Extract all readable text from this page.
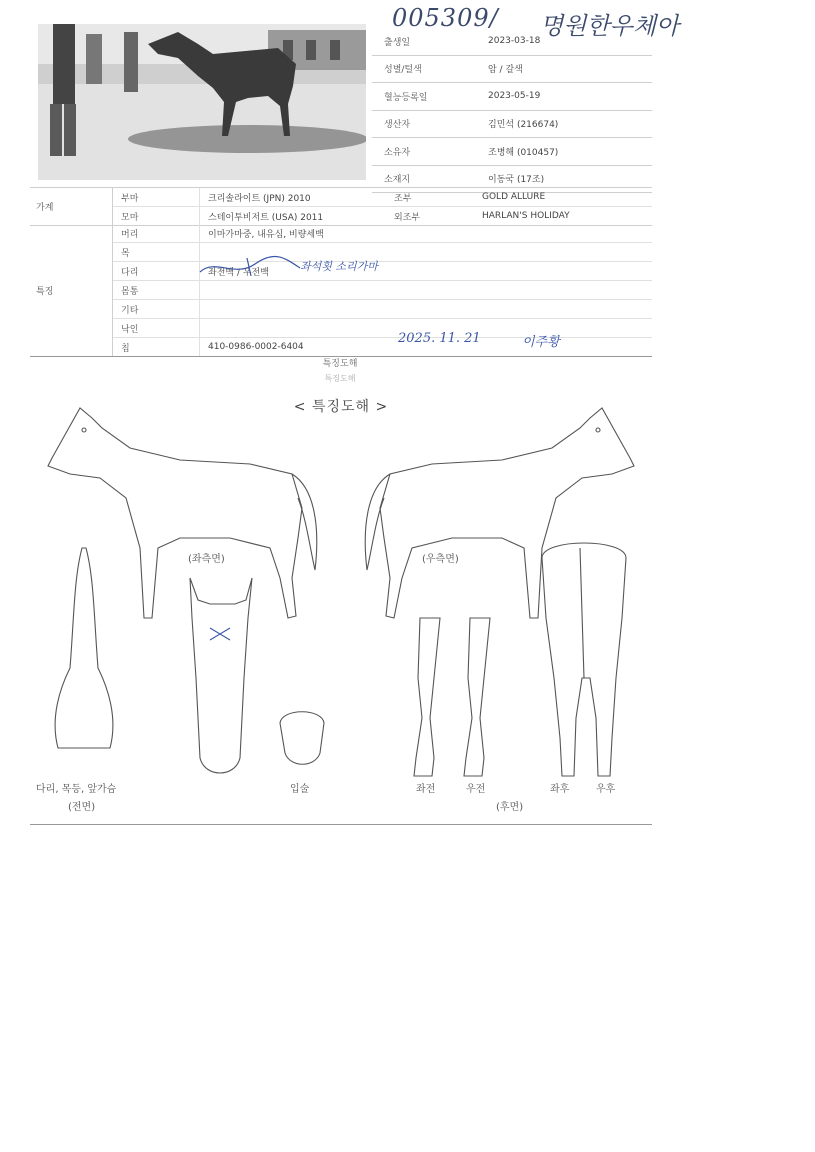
005309/ 명원한우체아
출생일	2023-03-18
성별/털색	암 / 갈색
혈능등록일	2023-05-19
생산자	김민석 (216674)
소유자	조병해 (010457)
소재지	이동국 (17조)
가계
부마	크리솔라이트 (JPN) 2010	조부	GOLD ALLURE
모마	스테이투비저트 (USA) 2011	외조부	HARLAN'S HOLIDAY
특징
머리	이마가마중, 내유심, 비량세백
목
다리	좌전백 / 우전백
몸통
기타
낙인
칩	410-0986-0002-6404
좌석횟 소리가마
2025. 11. 21	이주황
특징도해
특징도해
< 특징도해 >
(좌측면)	(우측면)
다리, 목등, 앞가슴
(전면)
입술	좌전	우전	좌후	우후
(후면)
